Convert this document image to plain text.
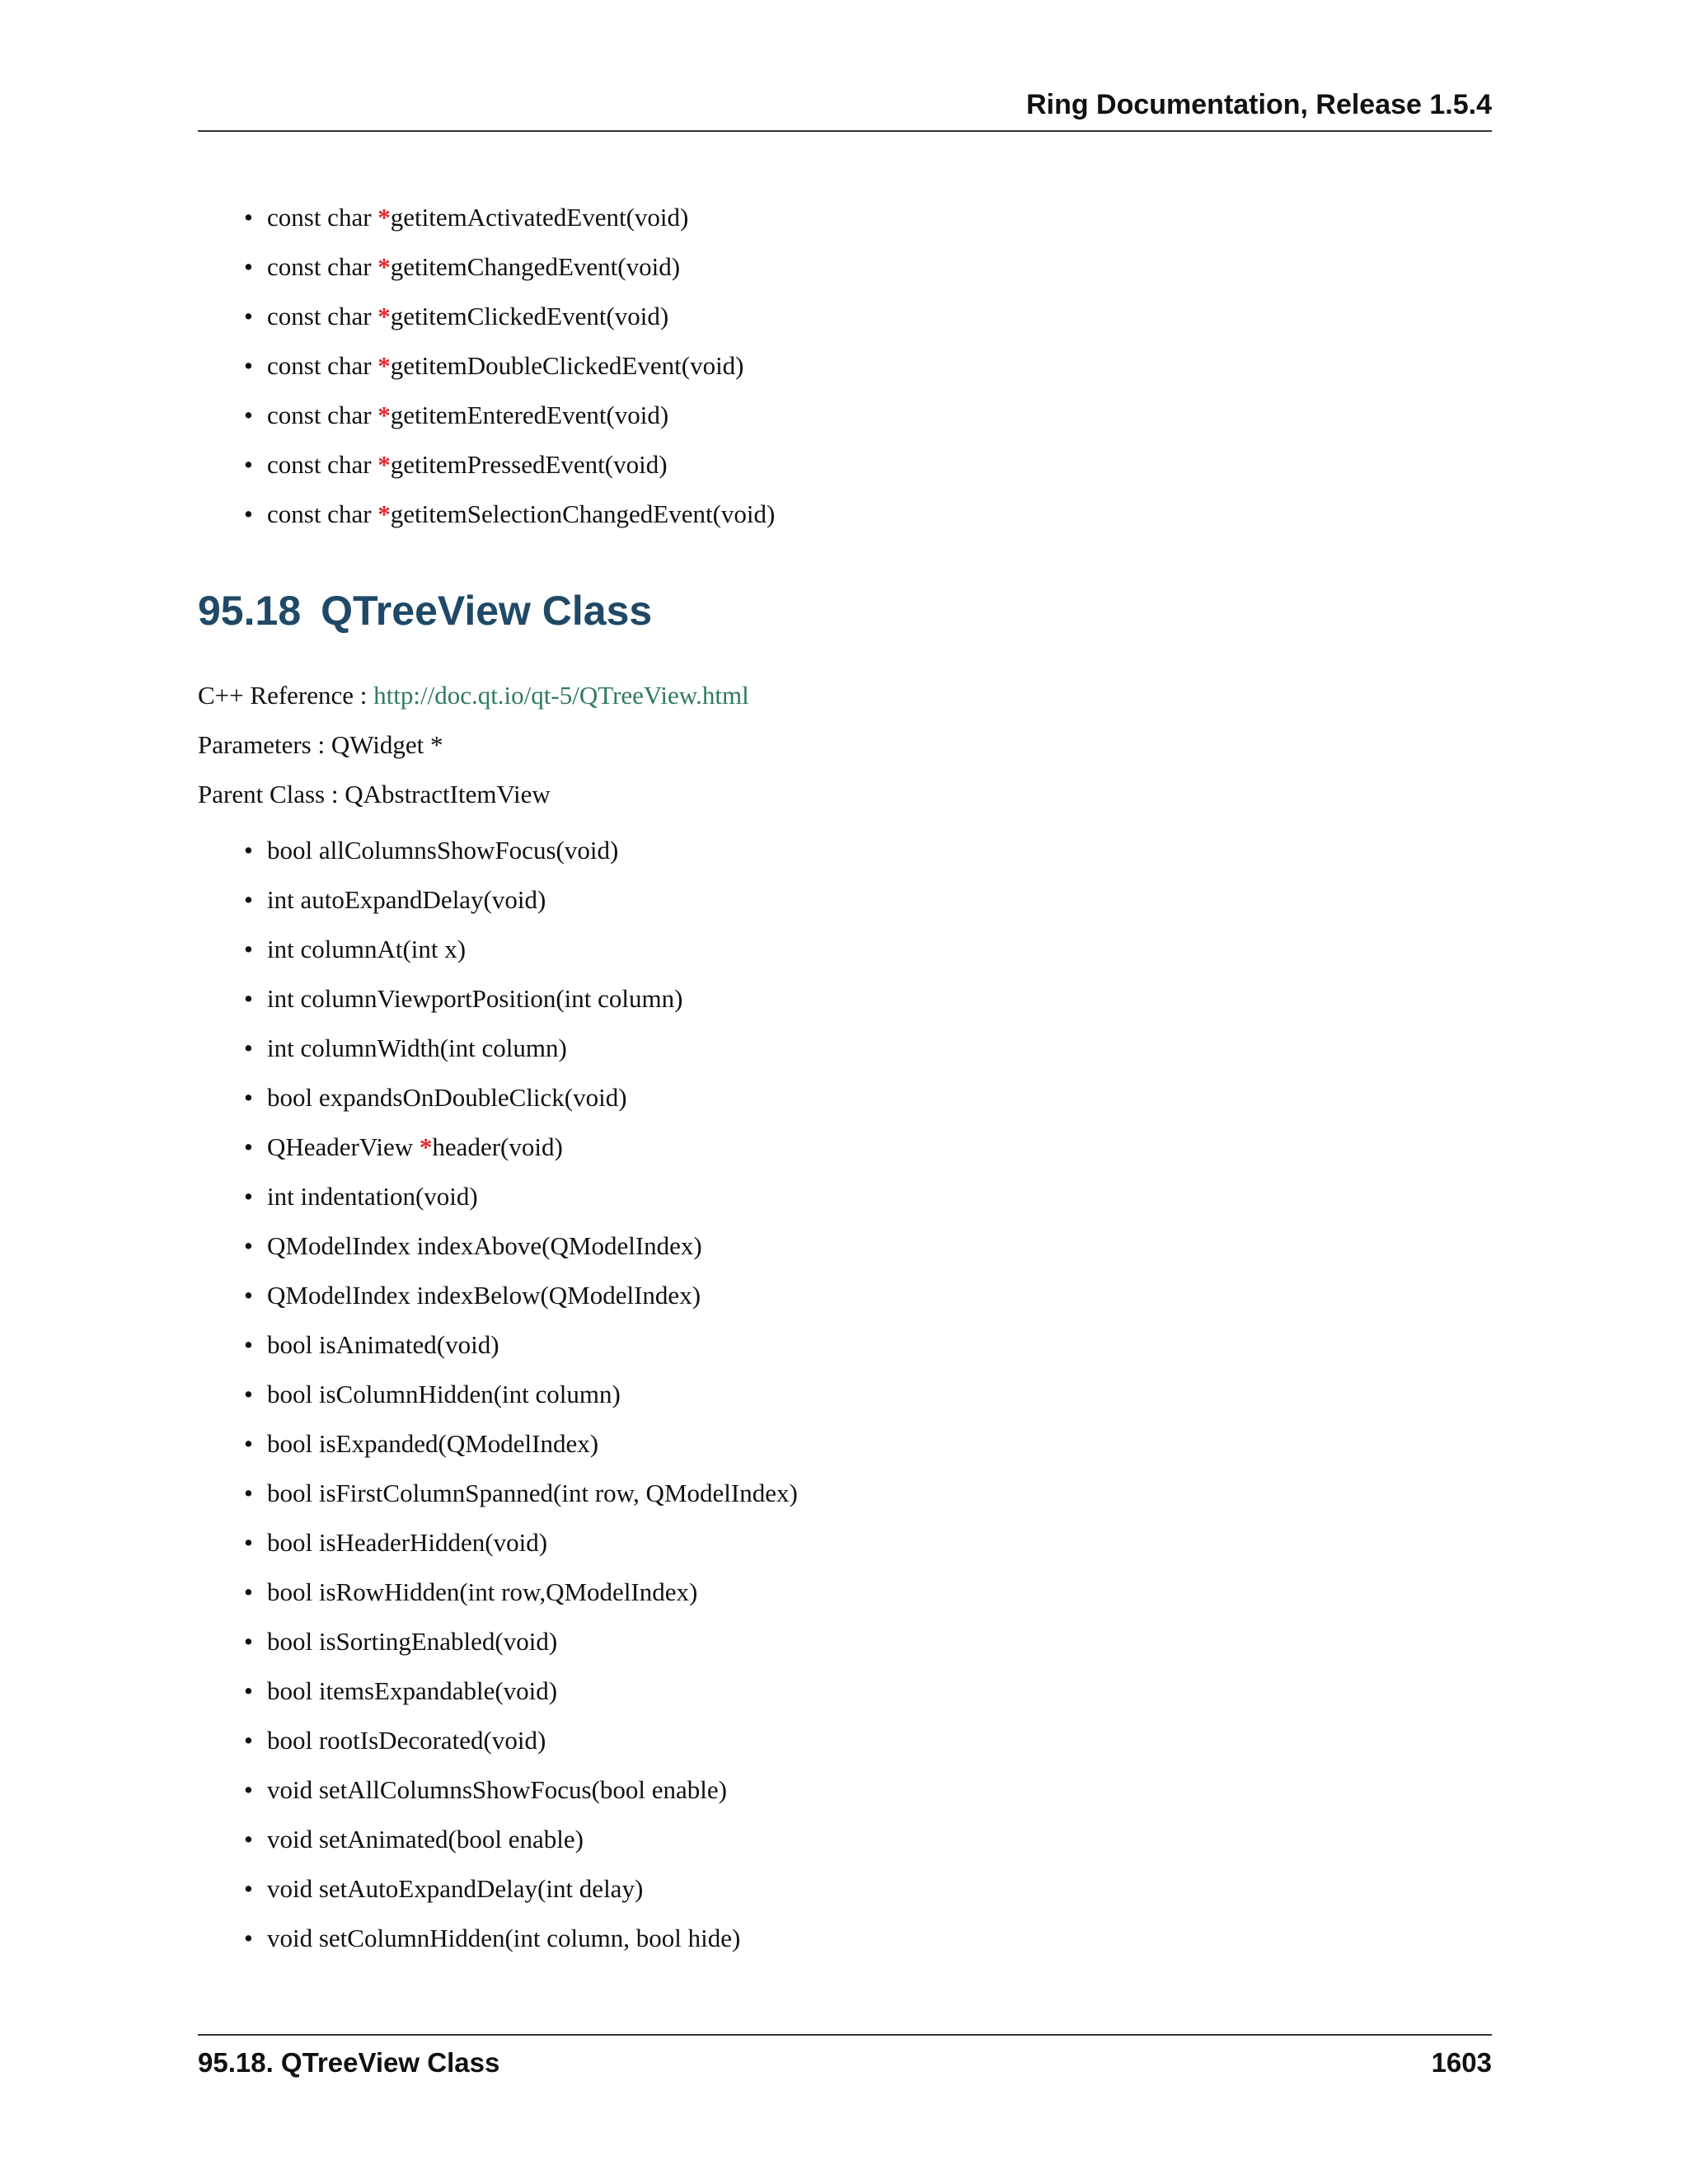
Ring Documentation, Release 1.5.4
• const char *getitemActivatedEvent(void)
• const char *getitemChangedEvent(void)
• const char *getitemClickedEvent(void)
• const char *getitemDoubleClickedEvent(void)
• const char *getitemEnteredEvent(void)
• const char *getitemPressedEvent(void)
• const char *getitemSelectionChangedEvent(void)
95.18 QTreeView Class
C++ Reference : http://doc.qt.io/qt-5/QTreeView.html
Parameters : QWidget *
Parent Class : QAbstractItemView
• bool allColumnsShowFocus(void)
• int autoExpandDelay(void)
• int columnAt(int x)
• int columnViewportPosition(int column)
• int columnWidth(int column)
• bool expandsOnDoubleClick(void)
• QHeaderView *header(void)
• int indentation(void)
• QModelIndex indexAbove(QModelIndex)
• QModelIndex indexBelow(QModelIndex)
• bool isAnimated(void)
• bool isColumnHidden(int column)
• bool isExpanded(QModelIndex)
• bool isFirstColumnSpanned(int row, QModelIndex)
• bool isHeaderHidden(void)
• bool isRowHidden(int row,QModelIndex)
• bool isSortingEnabled(void)
• bool itemsExpandable(void)
• bool rootIsDecorated(void)
• void setAllColumnsShowFocus(bool enable)
• void setAnimated(bool enable)
• void setAutoExpandDelay(int delay)
• void setColumnHidden(int column, bool hide)
95.18. QTreeView Class	1603
